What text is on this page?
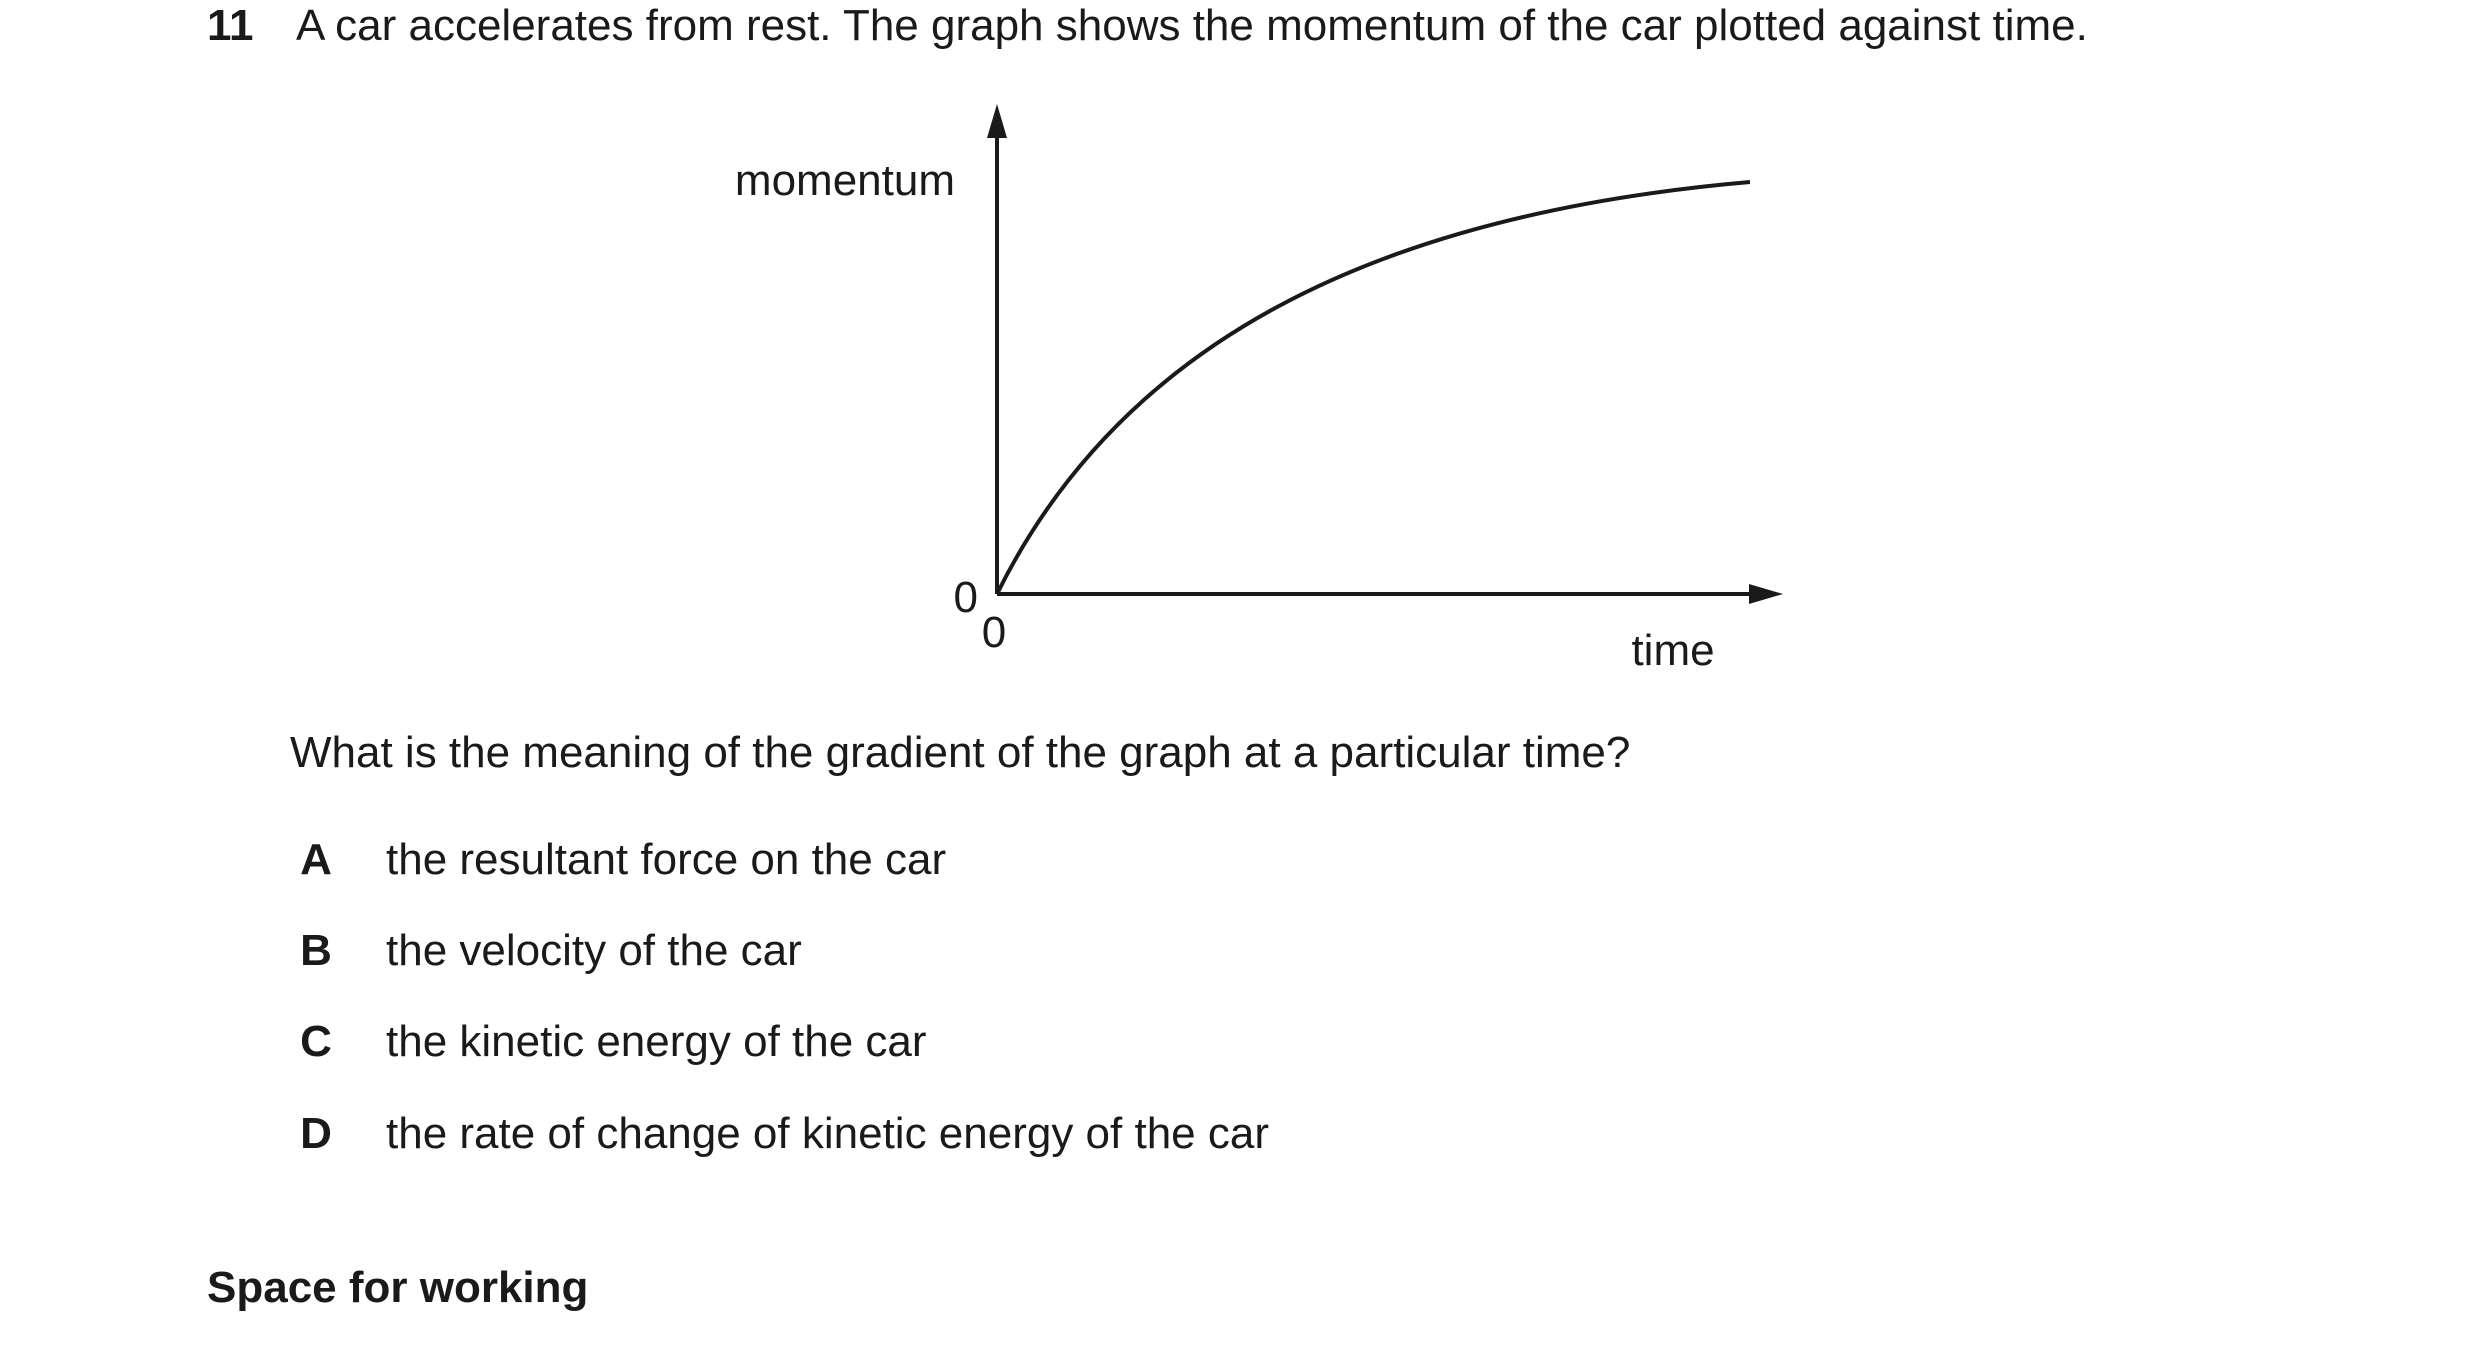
11 A car accelerates from rest. The graph shows the momentum of the car plotted against time.
momentum
time
0
0
What is the meaning of the gradient of the graph at a particular time?
A the resultant force on the car
B the velocity of the car
C the kinetic energy of the car
D the rate of change of kinetic energy of the car
Space for working
